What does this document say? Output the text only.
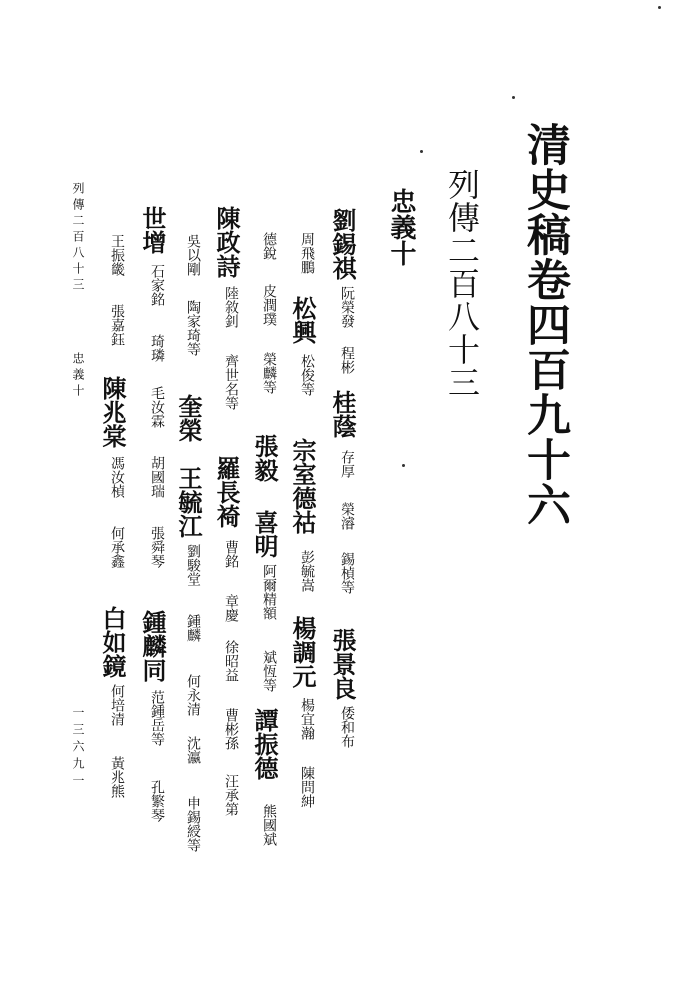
清史稿卷四百九十六
列傳二百八十三
忠義十
劉錫祺
阮榮發
程彬
桂蔭
存厚
榮濬
錫楨等
張景良
倭和布
周飛鵬
松興
松俊等
宗室德祜
彭毓嵩
楊調元
楊宜瀚
陳問紳
德銳
皮潤璞
榮麟等
張毅
喜明
阿爾精額
斌恆等
譚振德
熊國斌
陳政詩
陸敘釗
齊世名等
羅長裿
曹銘
章慶
徐昭益
曹彬孫
汪承第
吳以剛
陶家琦等
奎榮
王毓江
劉駿堂
鍾麟
何永清
沈瀛
申錫綬等
世增
石家銘
琦璘
毛汝霖
胡國瑞
張舜琴
鍾麟同
范鍾岳等
孔繁琴
王振畿
張嘉鈺
陳兆棠
馮汝楨
何承鑫
白如鏡
何培清
黃兆熊
列傳二百八十三
忠義十
一三六九一
